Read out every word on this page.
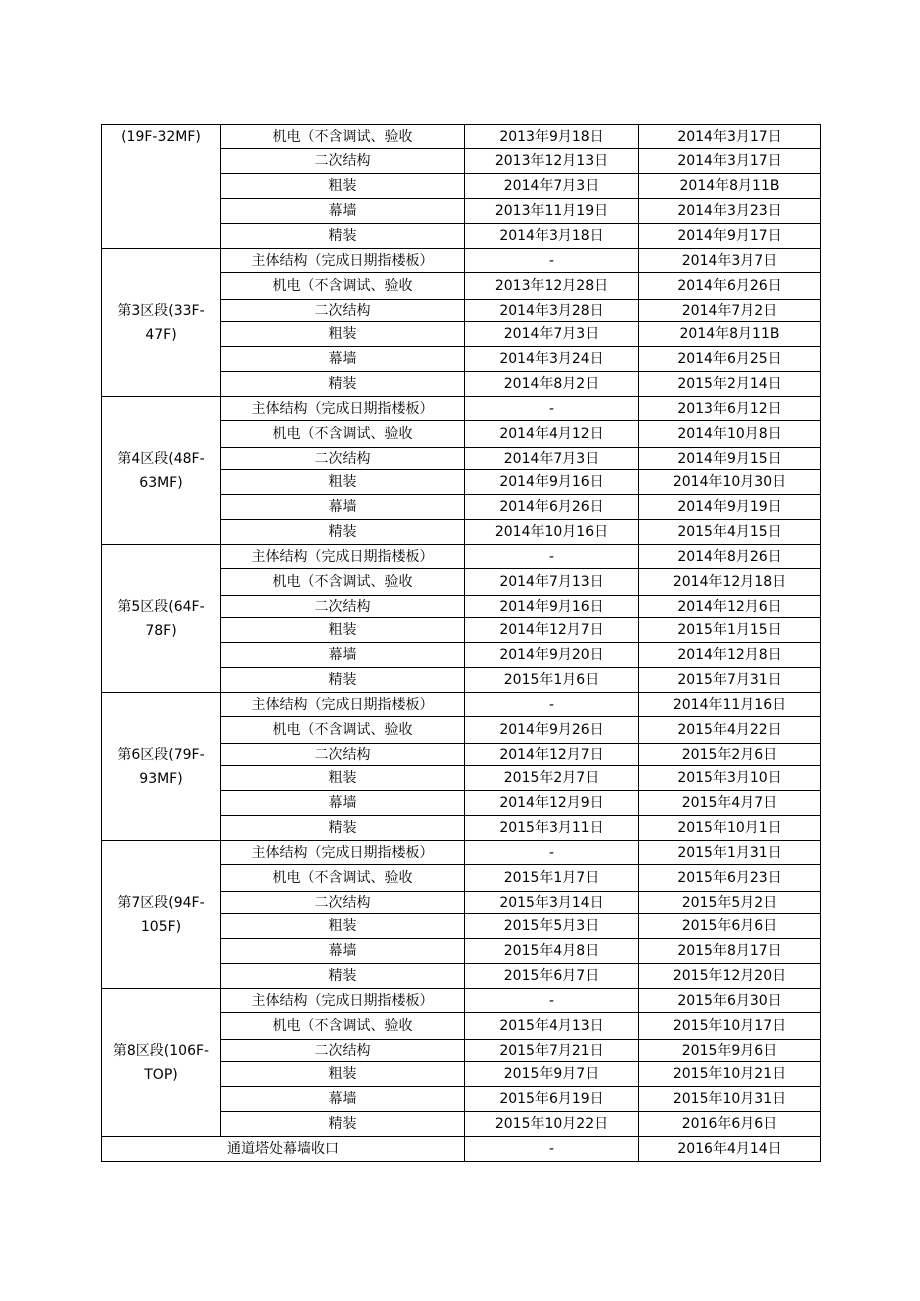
(19F-32MF)	机电（不含调试、验收	2013年9月18日	2014年3月17日
	二次结构	2013年12月13日	2014年3月17日
	粗装	2014年7月3日	2014年8月11B
	幕墙	2013年11月19日	2014年3月23日
	精装	2014年3月18日	2014年9月17日
第3区段(33F-47F)	主体结构（完成日期指楼板）	-	2014年3月7日
	机电（不含调试、验收	2013年12月28日	2014年6月26日
	二次结构	2014年3月28日	2014年7月2日
	粗装	2014年7月3日	2014年8月11B
	幕墙	2014年3月24日	2014年6月25日
	精装	2014年8月2日	2015年2月14日
第4区段(48F-63MF)	主体结构（完成日期指楼板）	-	2013年6月12日
	机电（不含调试、验收	2014年4月12日	2014年10月8日
	二次结构	2014年7月3日	2014年9月15日
	粗装	2014年9月16日	2014年10月30日
	幕墙	2014年6月26日	2014年9月19日
	精装	2014年10月16日	2015年4月15日
第5区段(64F-78F)	主体结构（完成日期指楼板）	-	2014年8月26日
	机电（不含调试、验收	2014年7月13日	2014年12月18日
	二次结构	2014年9月16日	2014年12月6日
	粗装	2014年12月7日	2015年1月15日
	幕墙	2014年9月20日	2014年12月8日
	精装	2015年1月6日	2015年7月31日
第6区段(79F-93MF)	主体结构（完成日期指楼板）	-	2014年11月16日
	机电（不含调试、验收	2014年9月26日	2015年4月22日
	二次结构	2014年12月7日	2015年2月6日
	粗装	2015年2月7日	2015年3月10日
	幕墙	2014年12月9日	2015年4月7日
	精装	2015年3月11日	2015年10月1日
第7区段(94F-105F)	主体结构（完成日期指楼板）	-	2015年1月31日
	机电（不含调试、验收	2015年1月7日	2015年6月23日
	二次结构	2015年3月14日	2015年5月2日
	粗装	2015年5月3日	2015年6月6日
	幕墙	2015年4月8日	2015年8月17日
	精装	2015年6月7日	2015年12月20日
第8区段(106F-TOP)	主体结构（完成日期指楼板）	-	2015年6月30日
	机电（不含调试、验收	2015年4月13日	2015年10月17日
	二次结构	2015年7月21日	2015年9月6日
	粗装	2015年9月7日	2015年10月21日
	幕墙	2015年6月19日	2015年10月31日
	精装	2015年10月22日	2016年6月6日
通道塔处幕墙收口		-	2016年4月14日
